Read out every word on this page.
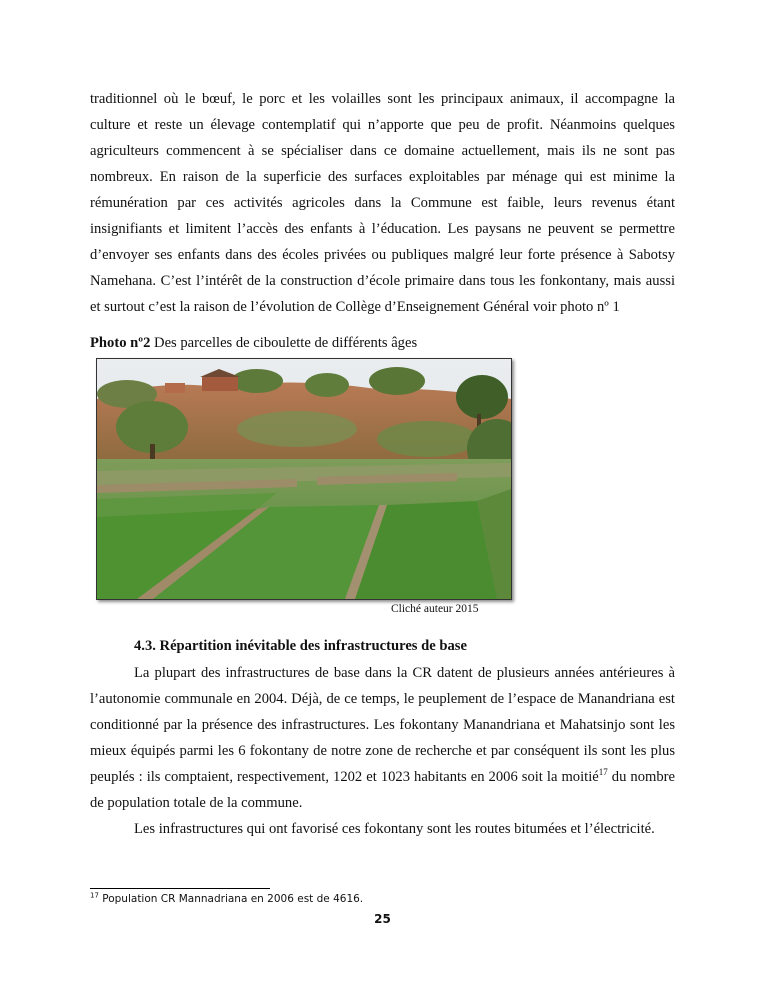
traditionnel où le bœuf, le porc et les volailles sont les principaux animaux, il accompagne la culture et reste un élevage contemplatif qui n’apporte que peu de profit. Néanmoins quelques agriculteurs commencent à se spécialiser dans ce domaine actuellement, mais ils ne sont pas nombreux. En raison de la superficie des surfaces exploitables par ménage qui est minime la rémunération par ces activités agricoles dans la Commune est faible, leurs revenus étant insignifiants et limitent l’accès des enfants à l’éducation. Les paysans ne peuvent se permettre d’envoyer ses enfants dans des écoles privées ou publiques malgré leur forte présence à Sabotsy Namehana. C’est l’intérêt de la construction d’école primaire dans tous les fonkontany, mais aussi et surtout c’est la raison de l’évolution de Collège d’Enseignement Général voir photo nº 1

Photo nº2 Des parcelles de ciboulette de différents âges
Cliché auteur 2015
4.3. Répartition inévitable des infrastructures de base

La plupart des infrastructures de base dans la CR datent de plusieurs années antérieures à l’autonomie communale en 2004. Déjà, de ce temps, le peuplement de l’espace de Manandriana est conditionné par la présence des infrastructures. Les fokontany Manandriana et Mahatsinjo sont les mieux équipés parmi les 6 fokontany de notre zone de recherche et par conséquent ils sont les plus peuplés : ils comptaient, respectivement, 1202 et 1023 habitants en 2006 soit la moitié$^{17}$ du nombre de population totale de la commune.

Les infrastructures qui ont favorisé ces fokontany sont les routes bitumées et l’électricité.

$^{17}$ Population CR Mannadriana en 2006 est de 4616.
25
